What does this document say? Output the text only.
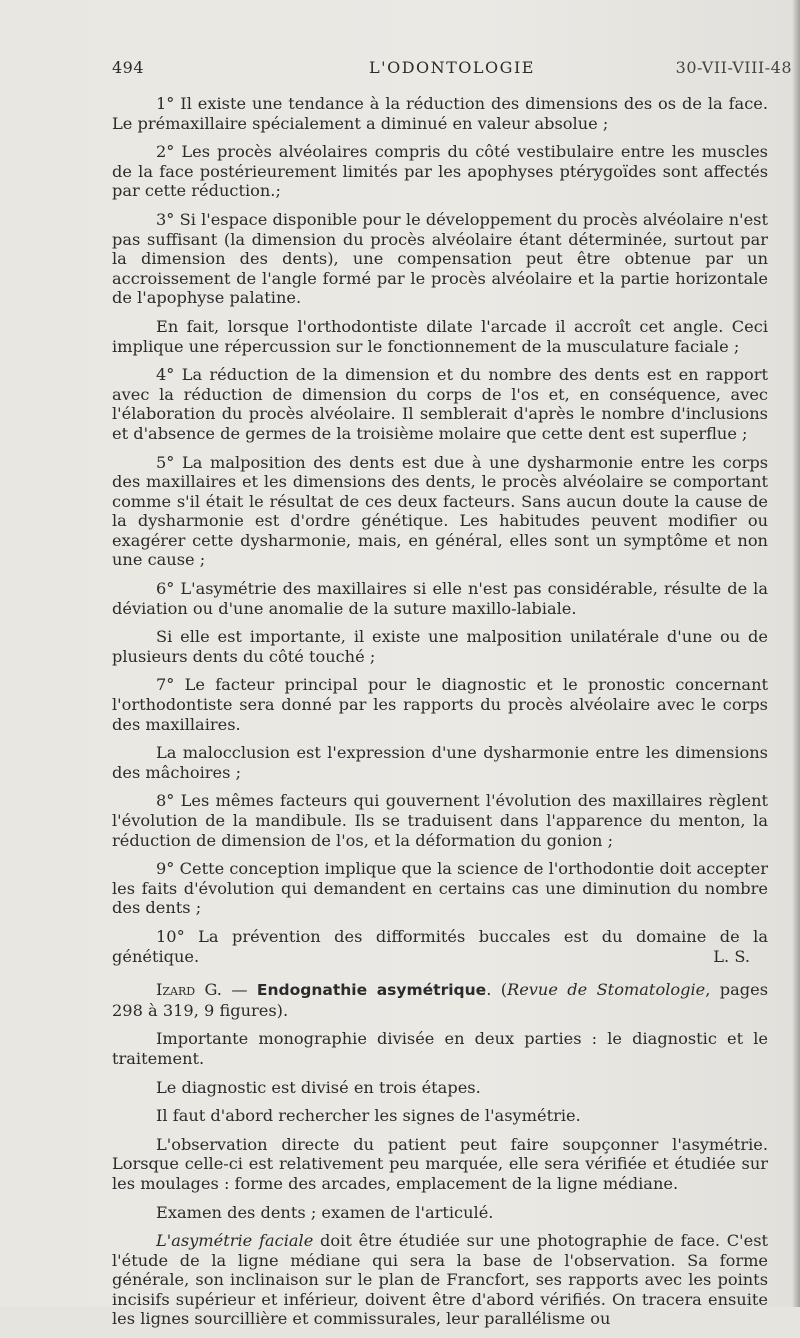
494	L'ODONTOLOGIE	30-VII-VIII-48

1° Il existe une tendance à la réduction des dimensions des os de la face. Le prémaxillaire spécialement a diminué en valeur absolue ;

2° Les procès alvéolaires compris du côté vestibulaire entre les muscles de la face postérieurement limités par les apophyses ptérygoïdes sont affectés par cette réduction.;

3° Si l'espace disponible pour le développement du procès alvéolaire n'est pas suffisant (la dimension du procès alvéolaire étant déterminée, surtout par la dimension des dents), une compensation peut être obtenue par un accroissement de l'angle formé par le procès alvéolaire et la partie horizontale de l'apophyse palatine.

En fait, lorsque l'orthodontiste dilate l'arcade il accroît cet angle. Ceci implique une répercussion sur le fonctionnement de la musculature faciale ;

4° La réduction de la dimension et du nombre des dents est en rapport avec la réduction de dimension du corps de l'os et, en conséquence, avec l'élaboration du procès alvéolaire. Il semblerait d'après le nombre d'inclusions et d'absence de germes de la troisième molaire que cette dent est superflue ;

5° La malposition des dents est due à une dysharmonie entre les corps des maxillaires et les dimensions des dents, le procès alvéolaire se comportant comme s'il était le résultat de ces deux facteurs. Sans aucun doute la cause de la dysharmonie est d'ordre génétique. Les habitudes peuvent modifier ou exagérer cette dysharmonie, mais, en général, elles sont un symptôme et non une cause ;

6° L'asymétrie des maxillaires si elle n'est pas considérable, résulte de la déviation ou d'une anomalie de la suture maxillo-labiale.

Si elle est importante, il existe une malposition unilatérale d'une ou de plusieurs dents du côté touché ;

7° Le facteur principal pour le diagnostic et le pronostic concernant l'orthodontiste sera donné par les rapports du procès alvéolaire avec le corps des maxillaires.

La malocclusion est l'expression d'une dysharmonie entre les dimensions des mâchoires ;

8° Les mêmes facteurs qui gouvernent l'évolution des maxillaires règlent l'évolution de la mandibule. Ils se traduisent dans l'apparence du menton, la réduction de dimension de l'os, et la déformation du gonion ;

9° Cette conception implique que la science de l'orthodontie doit accepter les faits d'évolution qui demandent en certains cas une diminution du nombre des dents ;

10° La prévention des difformités buccales est du domaine de la génétique.	L. S.

Izard G. — Endognathie asymétrique. (Revue de Stomatologie, pages 298 à 319, 9 figures).

Importante monographie divisée en deux parties : le diagnostic et le traitement.

Le diagnostic est divisé en trois étapes.

Il faut d'abord rechercher les signes de l'asymétrie.

L'observation directe du patient peut faire soupçonner l'asymétrie. Lorsque celle-ci est relativement peu marquée, elle sera vérifiée et étudiée sur les moulages : forme des arcades, emplacement de la ligne médiane.

Examen des dents ; examen de l'articulé.

L'asymétrie faciale doit être étudiée sur une photographie de face. C'est l'étude de la ligne médiane qui sera la base de l'observation. Sa forme générale, son inclinaison sur le plan de Francfort, ses rapports avec les points incisifs supérieur et inférieur, doivent être d'abord vérifiés. On tracera ensuite les lignes sourcillière et commissurales, leur parallélisme ou
